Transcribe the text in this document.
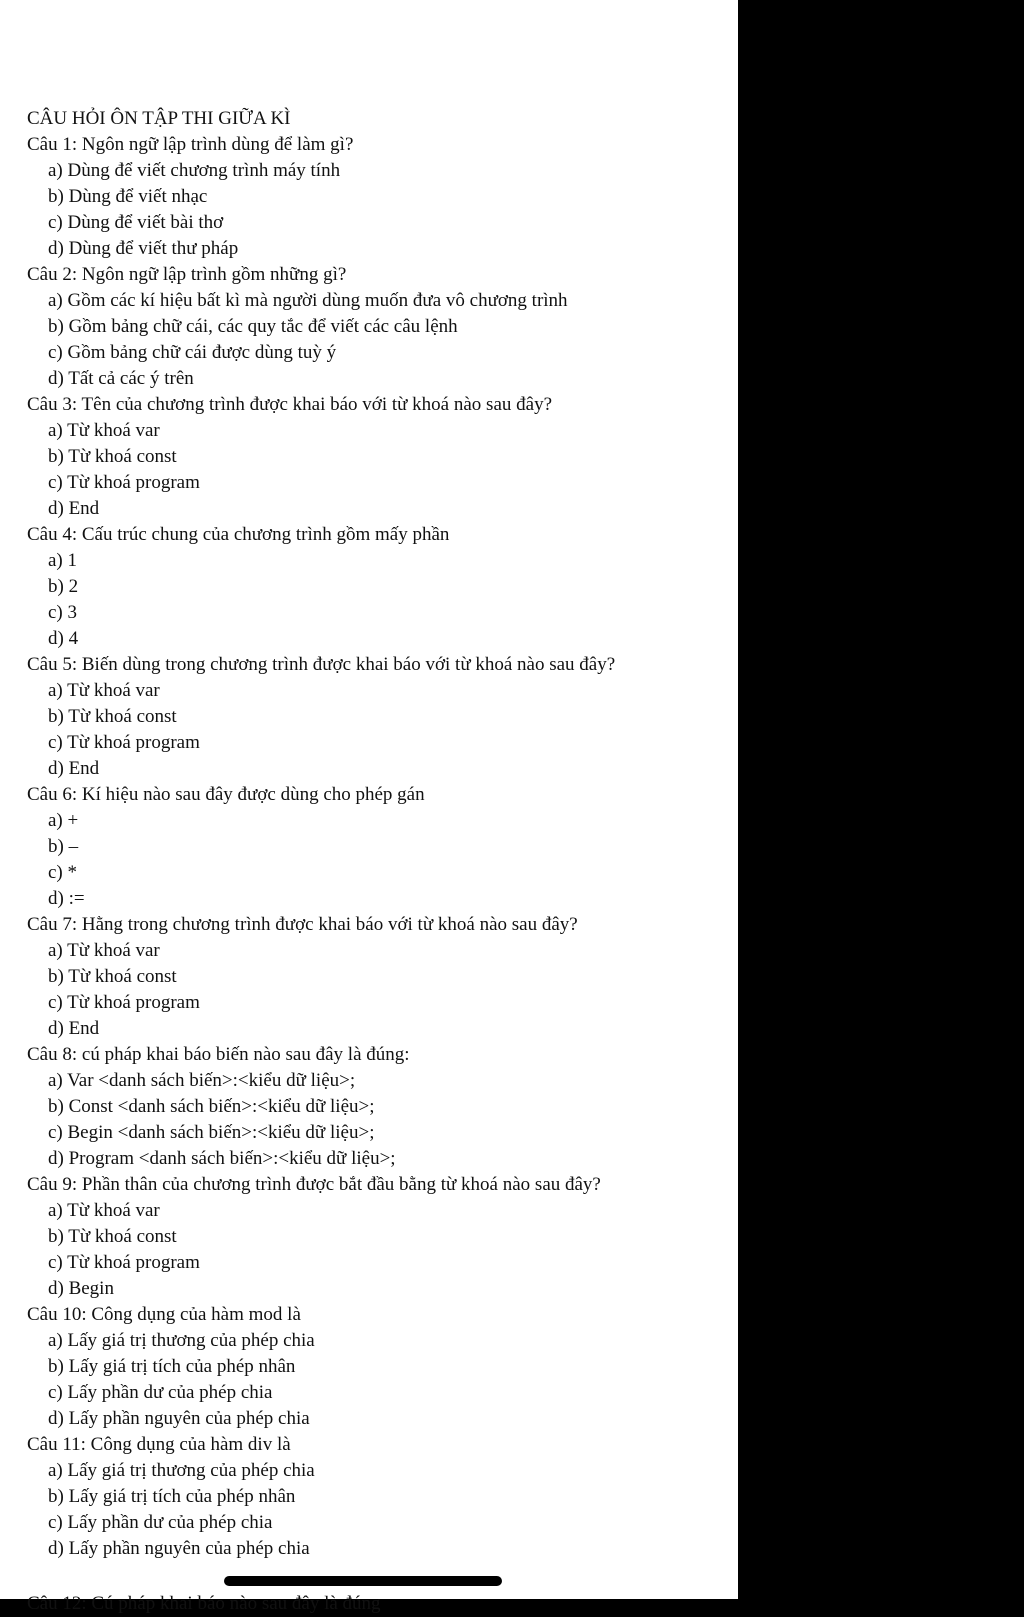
CÂU HỎI ÔN TẬP THI GIỮA KÌ

Câu 1: Ngôn ngữ lập trình dùng để làm gì?

a) Dùng để viết chương trình máy tính
b) Dùng để viết nhạc
c) Dùng để viết bài thơ
d) Dùng để viết thư pháp

Câu 2: Ngôn ngữ lập trình gồm những gì?

a) Gồm các kí hiệu bất kì mà người dùng muốn đưa vô chương trình
b) Gồm bảng chữ cái, các quy tắc để viết các câu lệnh
c) Gồm bảng chữ cái được dùng tuỳ ý
d) Tất cả các ý trên

Câu 3: Tên của chương trình được khai báo với từ khoá nào sau đây?

a) Từ khoá var
b) Từ khoá const
c) Từ khoá program
d) End

Câu 4: Cấu trúc chung của chương trình gồm mấy phần

a) 1
b) 2
c) 3
d) 4

Câu 5: Biến dùng trong chương trình được khai báo với từ khoá nào sau đây?

a) Từ khoá var
b) Từ khoá const
c) Từ khoá program
d) End

Câu 6: Kí hiệu nào sau đây được dùng cho phép gán

a) +
b) –
c) *
d) :=

Câu 7: Hằng trong chương trình được khai báo với từ khoá nào sau đây?

a) Từ khoá var
b) Từ khoá const
c) Từ khoá program
d) End

Câu 8: cú pháp khai báo biến nào sau đây là đúng:

a) Var <danh sách biến>:<kiểu dữ liệu>;
b) Const <danh sách biến>:<kiểu dữ liệu>;
c) Begin <danh sách biến>:<kiểu dữ liệu>;
d) Program <danh sách biến>:<kiểu dữ liệu>;

Câu 9: Phần thân của chương trình được bắt đầu bằng từ khoá nào sau đây?

a) Từ khoá var
b) Từ khoá const
c) Từ khoá program
d) Begin

Câu 10: Công dụng của hàm mod là

a) Lấy giá trị thương của phép chia
b) Lấy giá trị tích của phép nhân
c) Lấy phần dư của phép chia
d) Lấy phần nguyên của phép chia

Câu 11: Công dụng của hàm div là

a) Lấy giá trị thương của phép chia
b) Lấy giá trị tích của phép nhân
c) Lấy phần dư của phép chia
d) Lấy phần nguyên của phép chia
Câu 12: Cú pháp khai báo nào sau đây là đúng
